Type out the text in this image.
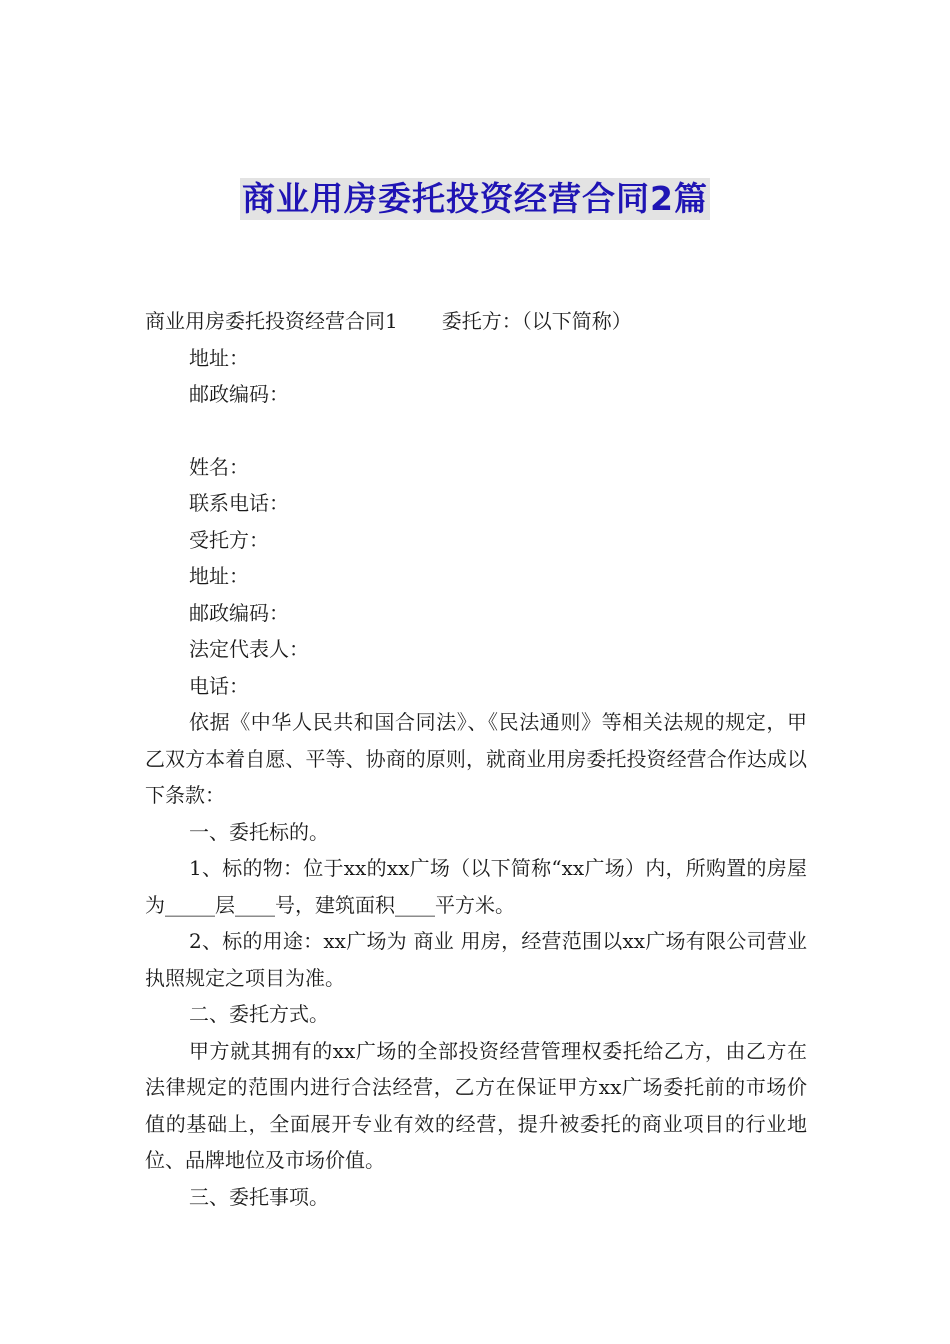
商业用房委托投资经营合同2篇

商业用房委托投资经营合同1 委托方：（以下简称）

地址：

邮政编码：

姓名：

联系电话：

受托方：

地址：

邮政编码：

法定代表人：

电话：

依据《中华人民共和国合同法》、《民法通则》等相关法规的规定，甲乙双方本着自愿、平等、协商的原则，就商业用房委托投资经营合作达成以下条款：

一、委托标的。

1、标的物：位于xx的xx广场（以下简称“xx广场）内，所购置的房屋为_____层____号，建筑面积____平方米。

2、标的用途：xx广场为 商业 用房，经营范围以xx广场有限公司营业执照规定之项目为准。

二、委托方式。

甲方就其拥有的xx广场的全部投资经营管理权委托给乙方，由乙方在法律规定的范围内进行合法经营，乙方在保证甲方xx广场委托前的市场价值的基础上，全面展开专业有效的经营，提升被委托的商业项目的行业地位、品牌地位及市场价值。

三、委托事项。
